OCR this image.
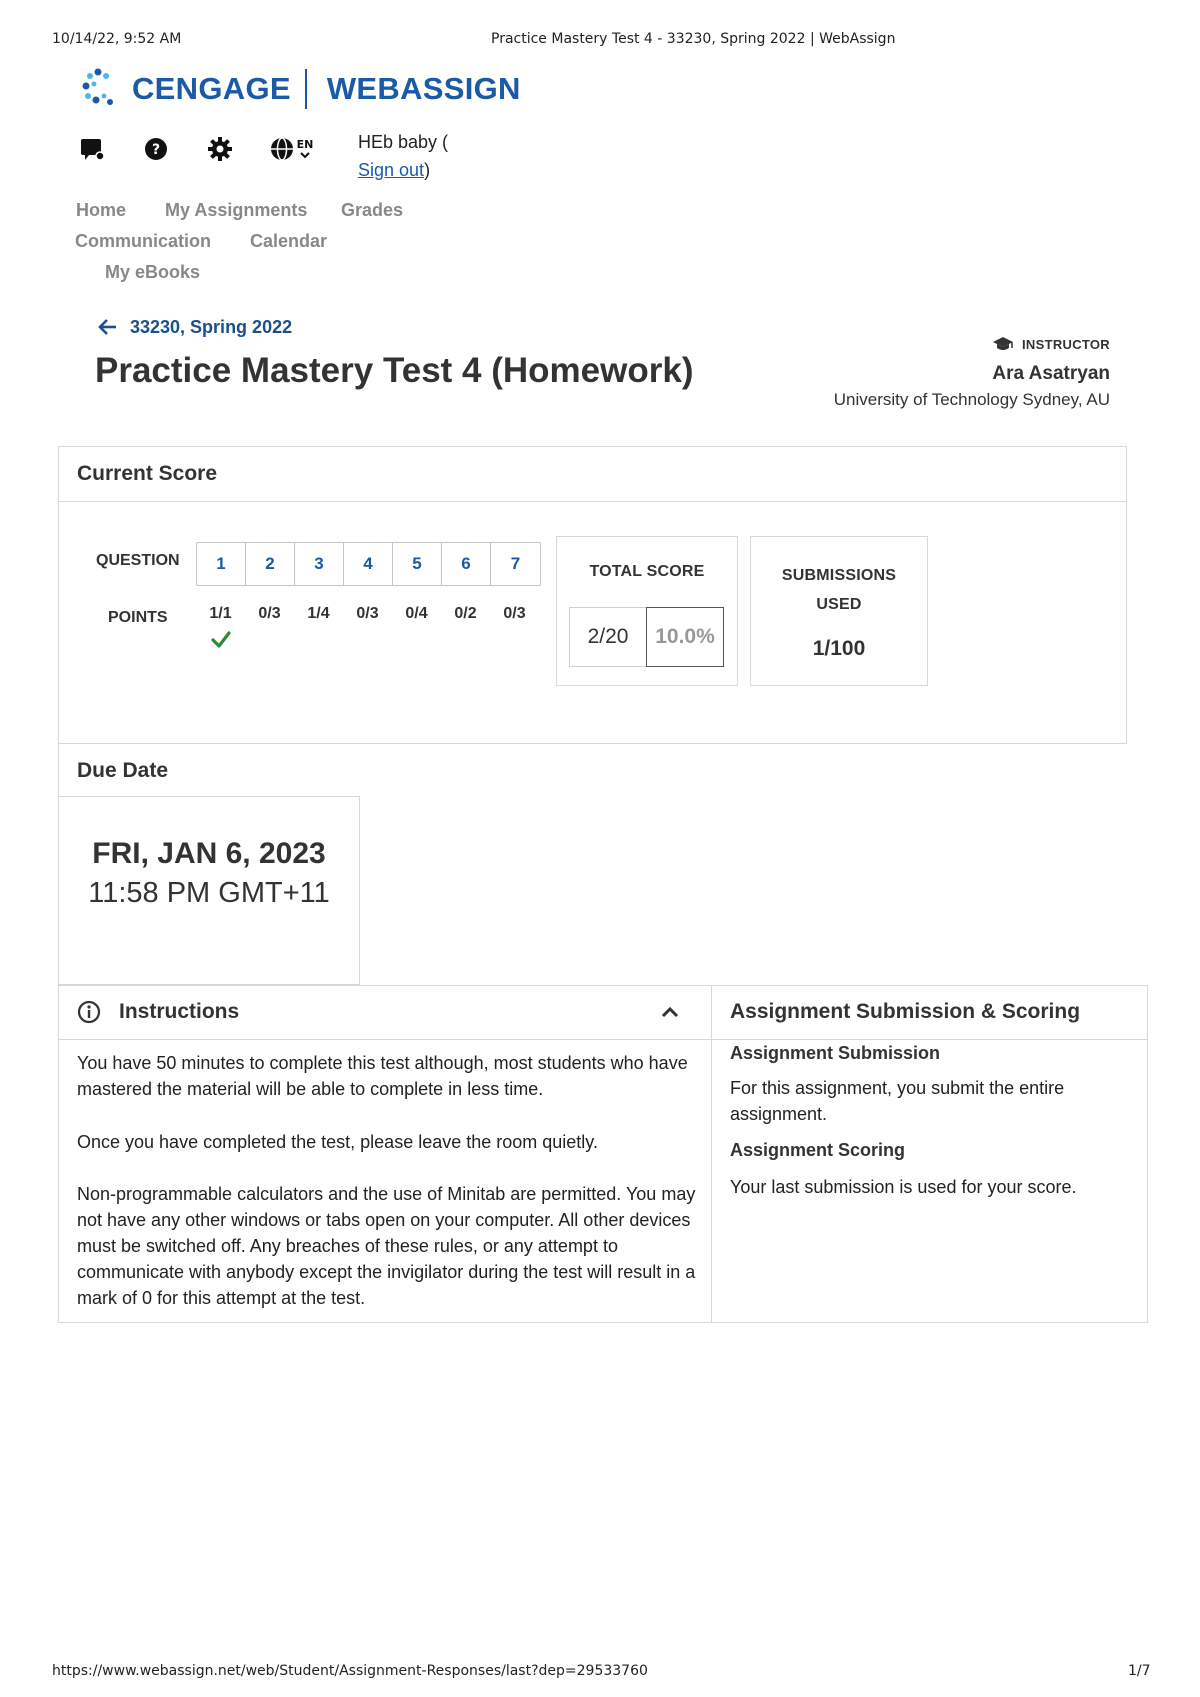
10/14/22, 9:52 AM	Practice Mastery Test 4 - 33230, Spring 2022 | WebAssign
CENGAGE WEBASSIGN
?	EN HEb baby (
Sign out)
Home My Assignments Grades
Communication Calendar
My eBooks
33230, Spring 2022
Practice Mastery Test 4 (Homework)
INSTRUCTOR
Ara Asatryan
University of Technology Sydney, AU
Current Score
QUESTION
POINTS
1	2	3	4	5	6	7
1/1	0/3	1/4	0/3	0/4	0/2	0/3
TOTAL SCORE
2/20	10.0%
SUBMISSIONS
USED
1/100
Due Date
FRI, JAN 6, 2023
11:58 PM GMT+11
Instructions
You have 50 minutes to complete this test although, most students who have mastered the material will be able to complete in less time.
Once you have completed the test, please leave the room quietly.
Non-programmable calculators and the use of Minitab are permitted. You may not have any other windows or tabs open on your computer. All other devices must be switched off. Any breaches of these rules, or any attempt to communicate with anybody except the invigilator during the test will result in a mark of 0 for this attempt at the test.
Assignment Submission & Scoring
Assignment Submission
For this assignment, you submit the entire assignment.
Assignment Scoring
Your last submission is used for your score.
https://www.webassign.net/web/Student/Assignment-Responses/last?dep=29533760	1/7
